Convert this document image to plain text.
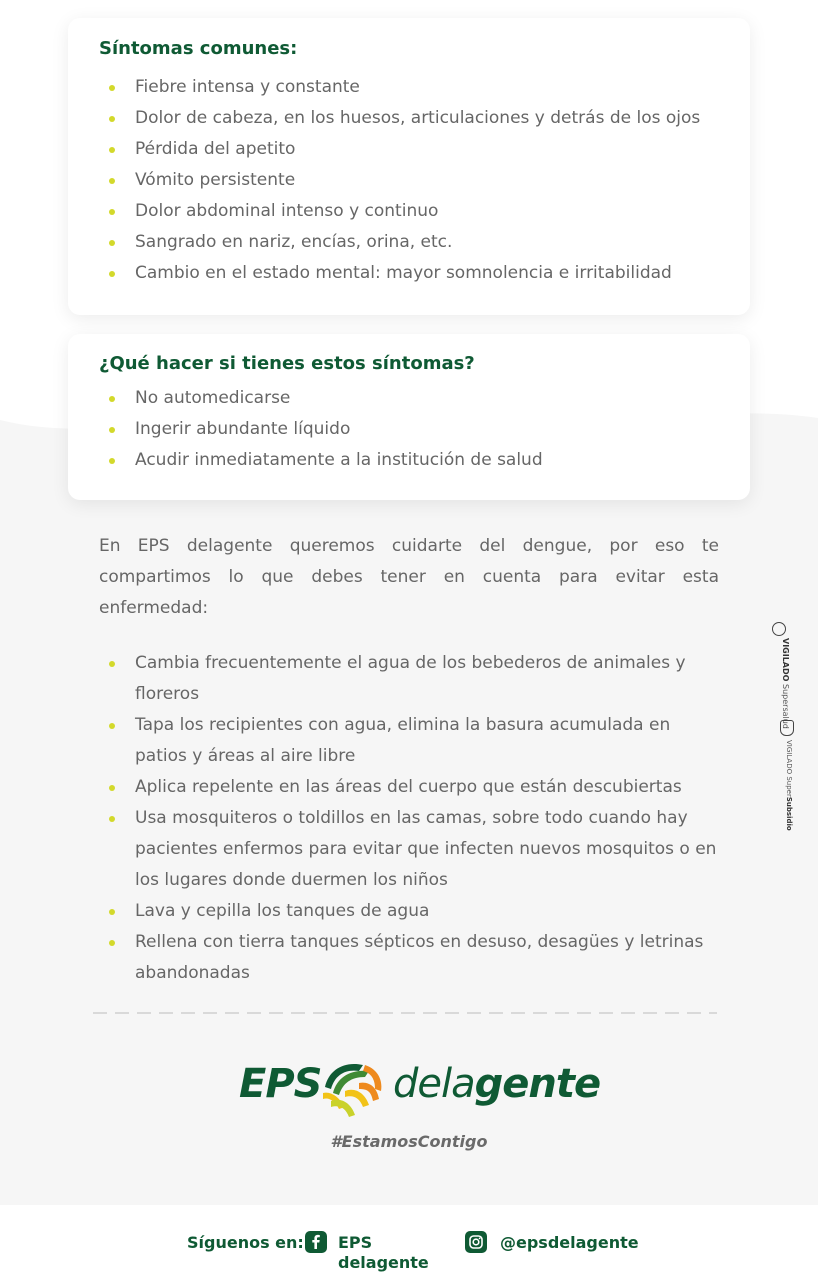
Síntomas comunes:
Fiebre intensa y constante
Dolor de cabeza, en los huesos, articulaciones y detrás de los ojos
Pérdida del apetito
Vómito persistente
Dolor abdominal intenso y continuo
Sangrado en nariz, encías, orina, etc.
Cambio en el estado mental: mayor somnolencia e irritabilidad
¿Qué hacer si tienes estos síntomas?
No automedicarse
Ingerir abundante líquido
Acudir inmediatamente a la institución de salud

En EPS delagente queremos cuidarte del dengue, por eso te compartimos lo que debes tener en cuenta para evitar esta enfermedad:

Cambia frecuentemente el agua de los bebederos de animales y floreros
Tapa los recipientes con agua, elimina la basura acumulada en patios y áreas al aire libre
Aplica repelente en las áreas del cuerpo que están descubiertas
Usa mosquiteros o toldillos en las camas, sobre todo cuando hay pacientes enfermos para evitar que infecten nuevos mosquitos o en los lugares donde duermen los niños
Lava y cepilla los tanques de agua
Rellena con tierra tanques sépticos en desuso, desagües y letrinas abandonadas
VIGILADO Supersalud
VIGILADO SuperSubsidio
EPS delagente
#EstamosContigo
Síguenos en: EPS delagente
@epsdelagente
